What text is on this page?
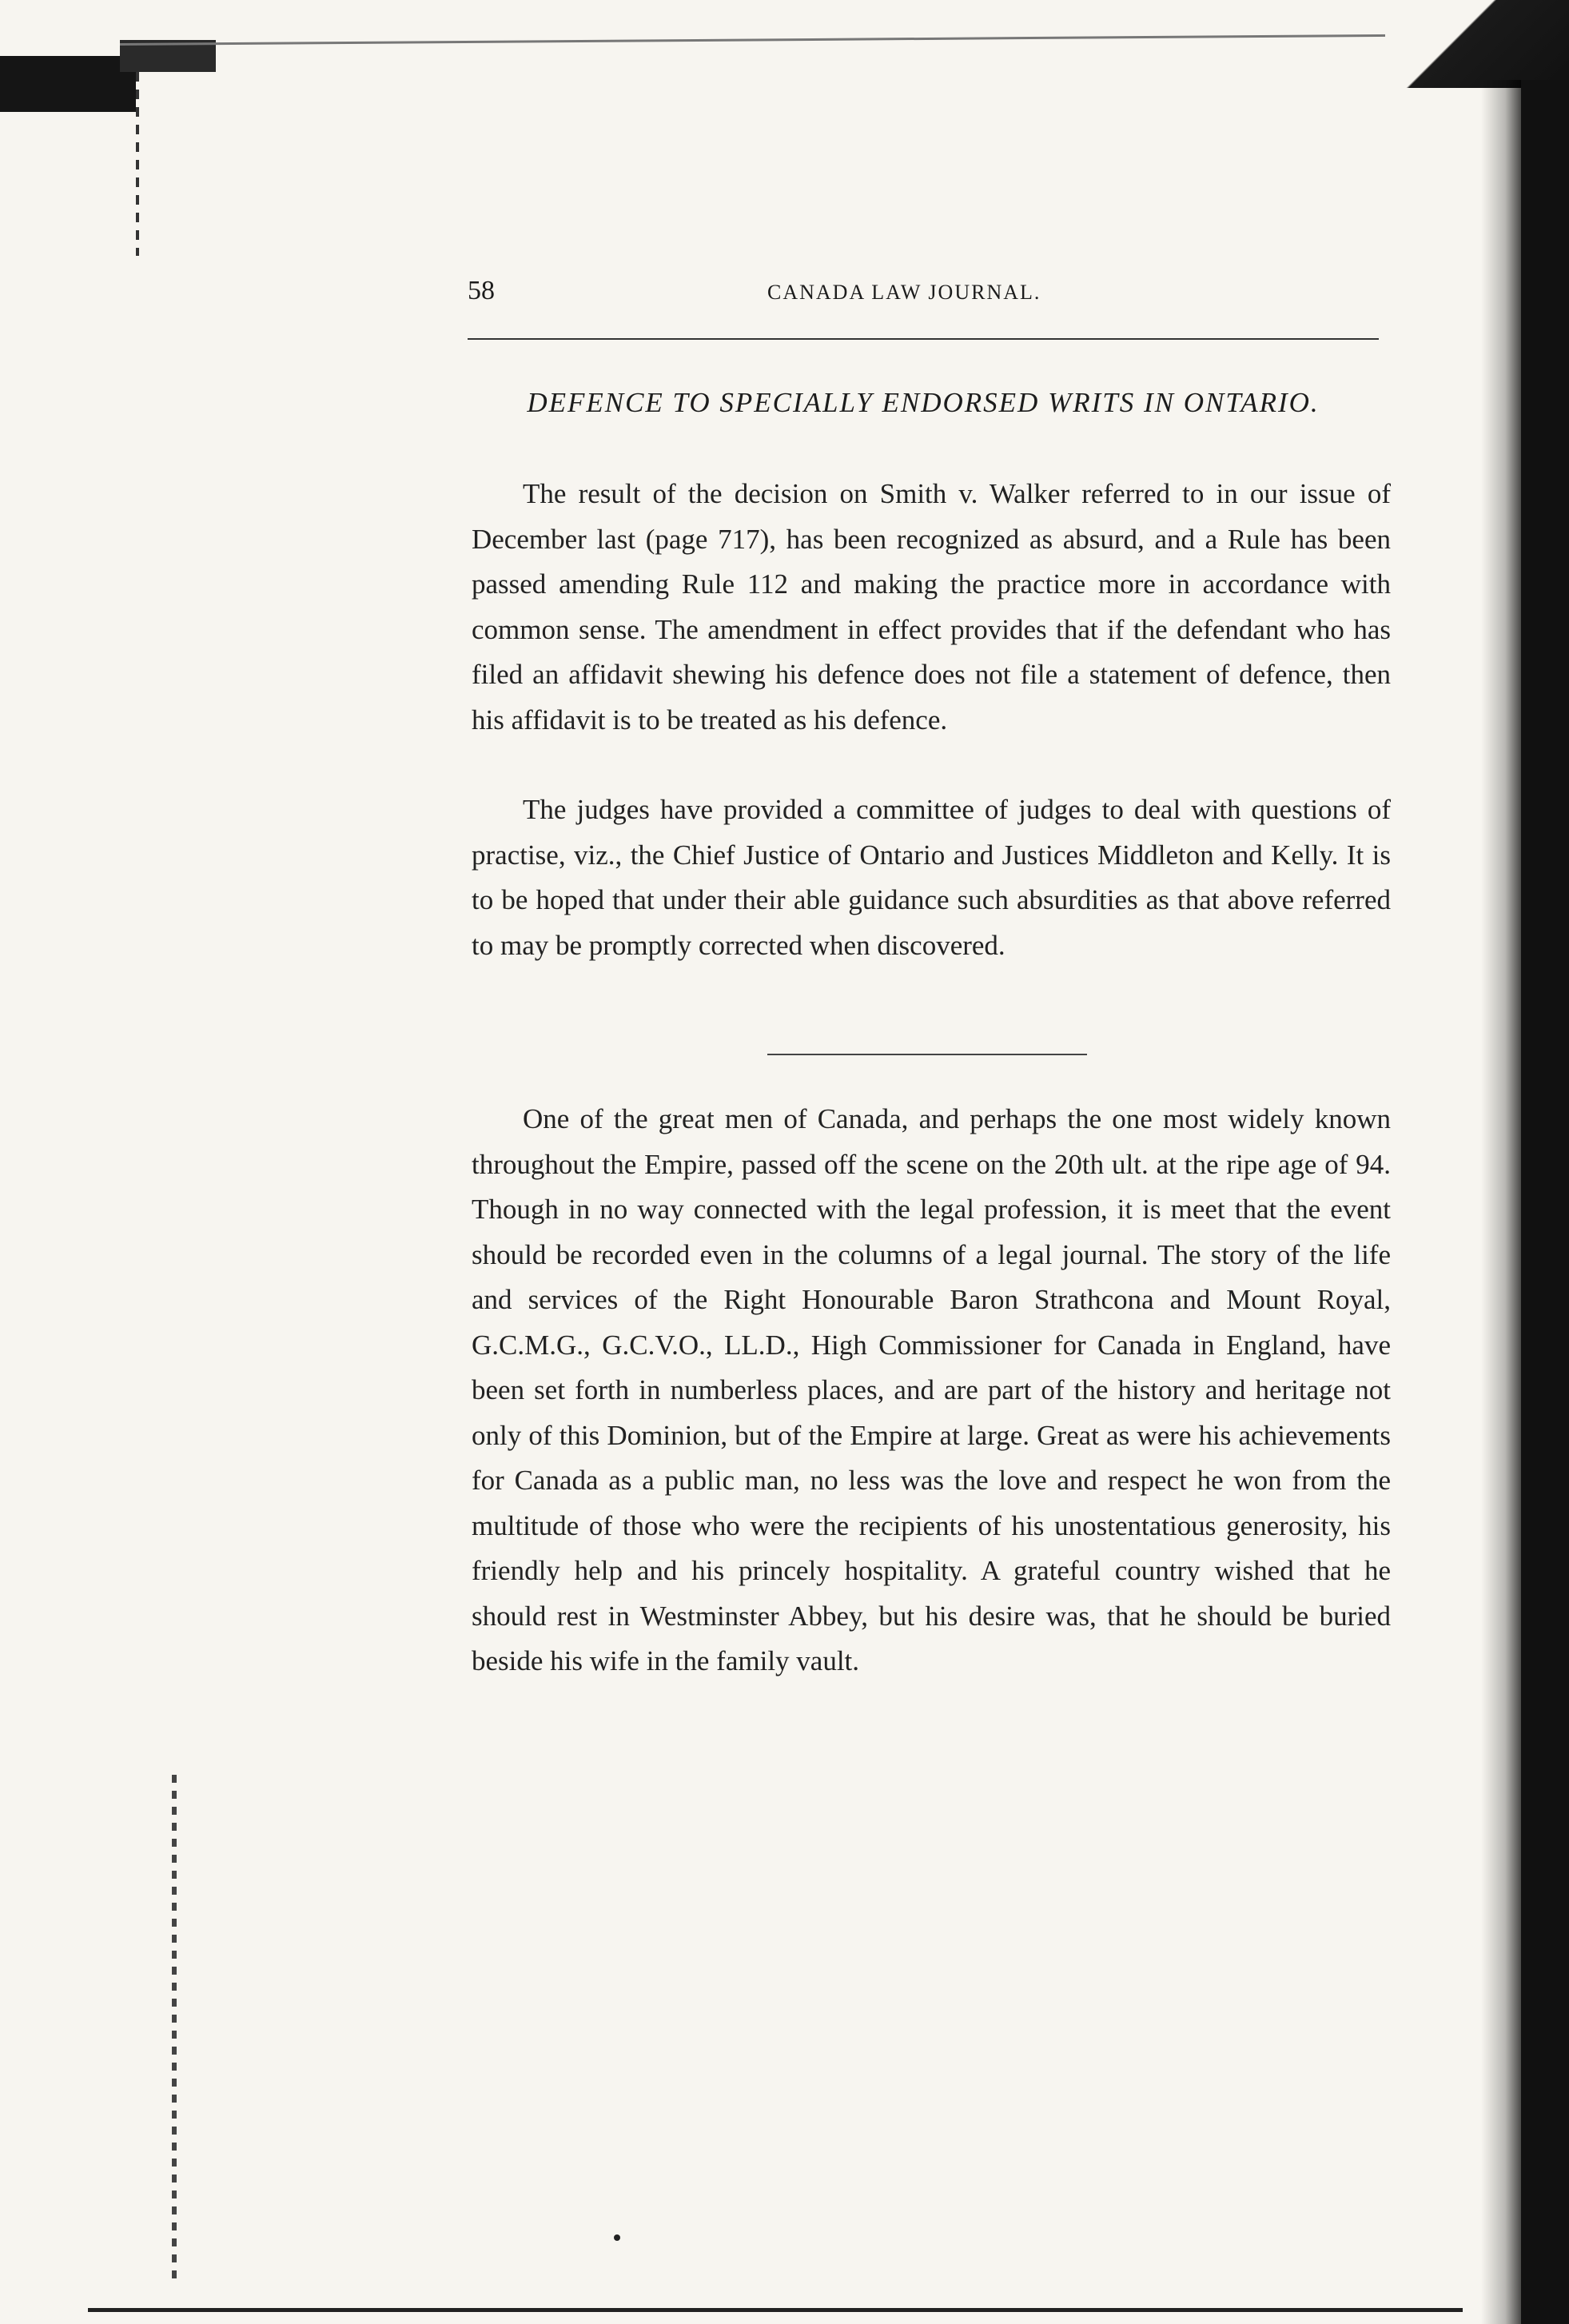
58	CANADA LAW JOURNAL.
DEFENCE TO SPECIALLY ENDORSED WRITS IN ONTARIO.

The result of the decision on Smith v. Walker referred to in our issue of December last (page 717), has been recognized as absurd, and a Rule has been passed amending Rule 112 and making the practice more in accordance with common sense. The amendment in effect provides that if the defendant who has filed an affidavit shewing his defence does not file a statement of defence, then his affidavit is to be treated as his defence.

The judges have provided a committee of judges to deal with questions of practise, viz., the Chief Justice of Ontario and Justices Middleton and Kelly. It is to be hoped that under their able guidance such absurdities as that above referred to may be promptly corrected when discovered.

One of the great men of Canada, and perhaps the one most widely known throughout the Empire, passed off the scene on the 20th ult. at the ripe age of 94. Though in no way connected with the legal profession, it is meet that the event should be recorded even in the columns of a legal journal. The story of the life and services of the Right Honourable Baron Strathcona and Mount Royal, G.C.M.G., G.C.V.O., LL.D., High Commissioner for Canada in England, have been set forth in numberless places, and are part of the history and heritage not only of this Dominion, but of the Empire at large. Great as were his achievements for Canada as a public man, no less was the love and respect he won from the multitude of those who were the recipients of his unostentatious generosity, his friendly help and his princely hospitality. A grateful country wished that he should rest in Westminster Abbey, but his desire was, that he should be buried beside his wife in the family vault.
